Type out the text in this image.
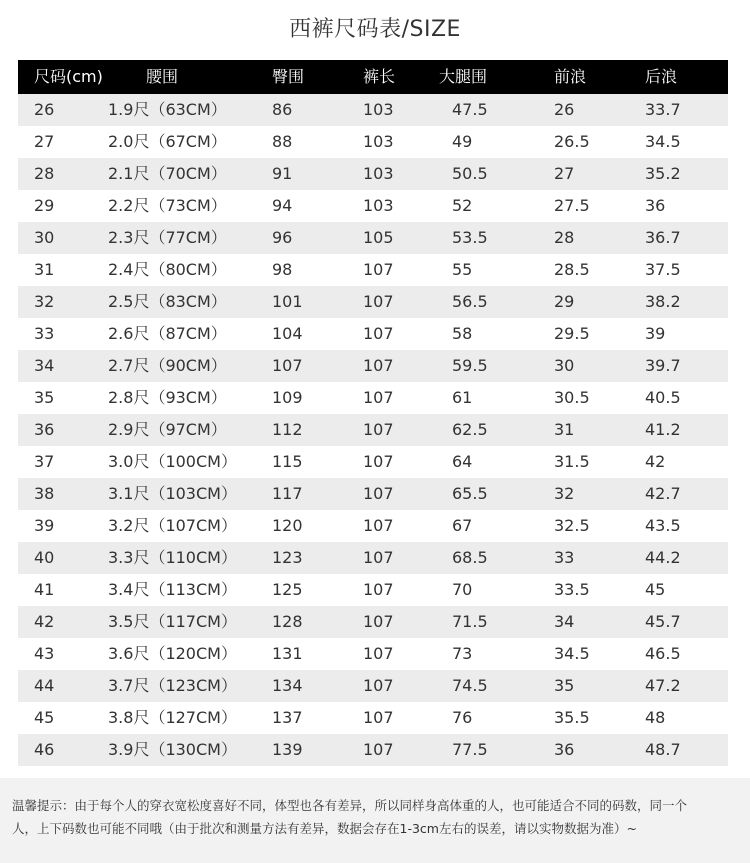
西裤尺码表/SIZE
尺码(cm)	腰围	臀围	裤长	大腿围	前浪	后浪
26	1.9尺（63CM）	86	103	47.5	26	33.7
27	2.0尺（67CM）	88	103	49	26.5	34.5
28	2.1尺（70CM）	91	103	50.5	27	35.2
29	2.2尺（73CM）	94	103	52	27.5	36
30	2.3尺（77CM）	96	105	53.5	28	36.7
31	2.4尺（80CM）	98	107	55	28.5	37.5
32	2.5尺（83CM）	101	107	56.5	29	38.2
33	2.6尺（87CM）	104	107	58	29.5	39
34	2.7尺（90CM）	107	107	59.5	30	39.7
35	2.8尺（93CM）	109	107	61	30.5	40.5
36	2.9尺（97CM）	112	107	62.5	31	41.2
37	3.0尺（100CM） 115	107	64	31.5	42
38	3.1尺（103CM） 117	107	65.5	32	42.7
39	3.2尺（107CM） 120	107	67	32.5	43.5
40	3.3尺（110CM） 123	107	68.5	33	44.2
41	3.4尺（113CM） 125	107	70	33.5	45
42	3.5尺（117CM） 128	107	71.5	34	45.7
43	3.6尺（120CM） 131	107	73	34.5	46.5
44	3.7尺（123CM） 134	107	74.5	35	47.2
45	3.8尺（127CM） 137	107	76	35.5	48
46	3.9尺（130CM） 139	107	77.5	36	48.7
温馨提示：由于每个人的穿衣宽松度喜好不同，体型也各有差异，所以同样身高体重的人，也可能适合不同的码数，同一个
人，上下码数也可能不同哦（由于批次和测量方法有差异，数据会存在1-3cm左右的误差，请以实物数据为准）~
